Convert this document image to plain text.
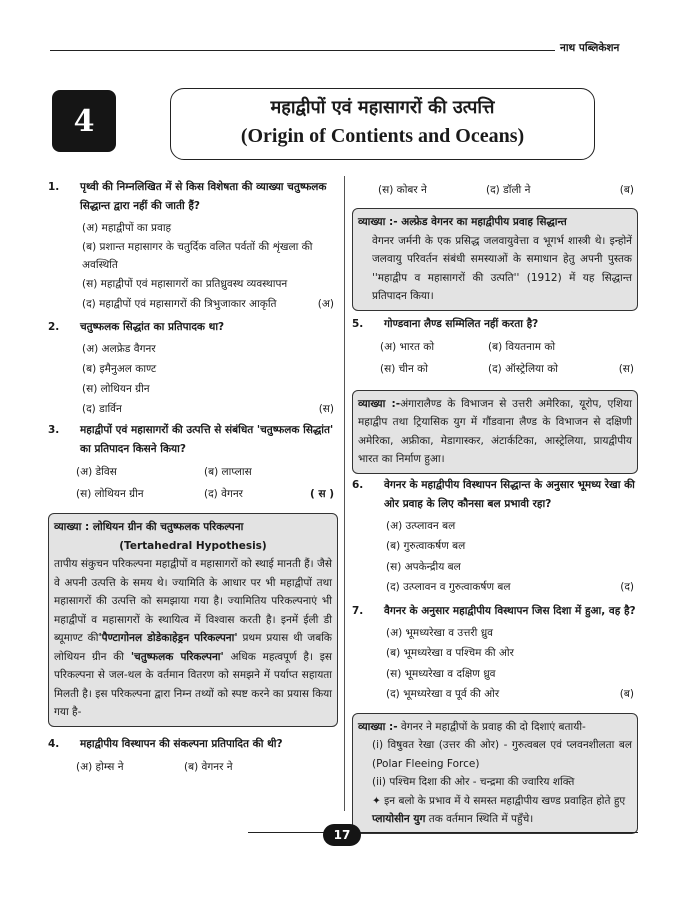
नाथ पब्लिकेशन
4	महाद्वीपों एवं महासागरों की उत्पत्ति
(Origin of Contients and Oceans)
1.	पृथ्वी की निम्नलिखित में से किस विशेषता की व्याख्या चतुष्फलक सिद्धान्त द्वारा नहीं की जाती हैं?
(अ) महाद्वीपों का प्रवाह
(ब) प्रशान्त महासागर के चतुर्दिक वलित पर्वतों की शृंखला की अवस्थिति
(स) महाद्वीपों एवं महासागरों का प्रतिध्रुवस्थ व्यवस्थापन
(द) महाद्वीपों एवं महासागरों की त्रिभुजाकार आकृति	(अ)
2.	चतुष्फलक सिद्धांत का प्रतिपादक था?
(अ) अलफ्रेड वैगनर
(ब) इमैनुअल काण्ट
(स) लोथियन ग्रीन
(द) डार्विन	(स)
3.	महाद्वीपों एवं महासागरों की उत्पत्ति से संबंधित 'चतुष्फलक सिद्धांत' का प्रतिपादन किसने किया?
(अ) डेविस	(ब) लाप्लास
(स) लोथियन ग्रीन	(द) वेगनर	( स )
व्याख्या : लोथियन ग्रीन की चतुष्फलक परिकल्पना
(Tertahedral Hypothesis)
तापीय संकुचन परिकल्पना महाद्वीपों व महासागरों को स्थाई मानती हैं। जैसे वे अपनी उत्पत्ति के समय थे। ज्यामिति के आधार पर भी महाद्वीपों तथा महासागरों की उत्पत्ति को समझाया गया है। ज्यामितिय परिकल्पनाएं भी महाद्वीपों व महासागरों के स्थायित्व में विश्वास करती है। इनमें ईली डी ब्यूमाण्ट की'पैण्टागोनल डोडेकाहेड्रन परिकल्पना' प्रथम प्रयास थी जबकि लोथियन ग्रीन की 'चतुष्फलक परिकल्पना' अधिक महत्वपूर्ण है। इस परिकल्पना से जल-थल के वर्तमान वितरण को समझने में पर्याप्त सहायता मिलती है। इस परिकल्पना द्वारा निम्न तथ्यों को स्पष्ट करने का प्रयास किया गया है-
4.	महाद्वीपीय विस्थापन की संकल्पना प्रतिपादित की थी?
(अ) होम्स ने	(ब) वेगनर ने
(स) कोबर ने	(द) डॉली ने	(ब)
व्याख्या :- अल्फ्रेड वेगनर का महाद्वीपीय प्रवाह सिद्धान्त
वेगनर जर्मनी के एक प्रसिद्ध जलवायुवेत्ता व भूगर्भ शास्त्री थे। इन्होनें जलवायु परिवर्तन संबंधी समस्याओं के समाधान हेतु अपनी पुस्तक ''महाद्वीप व महासागरों की उत्पति'' (1912) में यह सिद्धान्त प्रतिपादन किया।
5.	गोण्डवाना लैण्ड सम्मिलित नहीं करता है?
(अ) भारत को	(ब) वियतनाम को
(स) चीन को	(द) ऑस्ट्रेलिया को	(स)
व्याख्या :-अंगारालैण्ड के विभाजन से उत्तरी अमेरिका, यूरोप, एशिया महाद्वीप तथा ट्रियासिक युग में गौंडवाना लैण्ड के विभाजन से दक्षिणी अमेरिका, अफ्रीका, मेडागास्कर, अंटार्कटिका, आस्ट्रेलिया, प्रायद्वीपीय भारत का निर्माण हुआ।
6.	वेगनर के महाद्वीपीय विस्थापन सिद्धान्त के अनुसार भूमध्य रेखा की ओर प्रवाह के लिए कौनसा बल प्रभावी रहा?
(अ) उत्प्लावन बल
(ब) गुरुत्वाकर्षण बल
(स) अपकेन्द्रीय बल
(द) उत्प्लावन व गुरुत्वाकर्षण बल	(द)
7.	वैगनर के अनुसार महाद्वीपीय विस्थापन जिस दिशा में हुआ, वह है?
(अ) भूमध्यरेखा व उत्तरी ध्रुव
(ब) भूमध्यरेखा व पश्चिम की ओर
(स) भूमध्यरेखा व दक्षिण ध्रुव
(द) भूमध्यरेखा व पूर्व की ओर	(ब)
व्याख्या :- वेगनर ने महाद्वीपों के प्रवाह की दो दिशाएं बतायी-
(i) विषुवत रेखा (उत्तर की ओर) - गुरुत्वबल एवं प्लवनशीलता बल (Polar Fleeing Force)
(ii) पश्चिम दिशा की ओर - चन्द्रमा की ज्वारिय शक्ति
✦ इन बलो के प्रभाव में ये समस्त महाद्वीपीय खण्ड प्रवाहित होते हुए प्लायोसीन युग तक वर्तमान स्थिति में पहुँचे।
17
